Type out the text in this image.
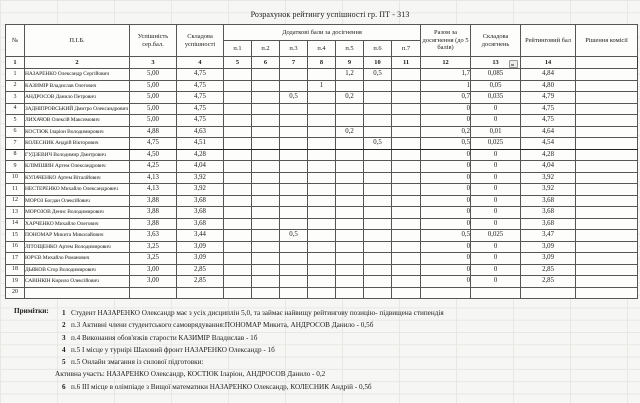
Розрахунок рейтингу успішності гр. ПТ - 313
№	П.І.Б.	Успішність сер.бал.	Складова успішності	Додаткові бали за досігнення							Разом за досягнення (до 5 балів)	Складова досягнень	Рейтинговий бал	Рішення комісії
				п.1	п.2	п.3	п.4	п.5	п.6	п.7				
1	2	3	4	5	6	7	8	9	10	11	12	13	14	
1	НАЗАРЕНКО Олександр Сергійович	5,00	4,75					1,2	0,5		1,7	0,085	4,84	
2	КАЗИМІР Владислав Олегович	5,00	4,75				1				1	0,05	4,80	
3	АНДРОСОВ Данило Петрович	5,00	4,75			0,5		0,2			0,7	0,035	4,79	
4	ЗАДНІПРОВСЬКИЙ Дмитро Олександрович	5,00	4,75								0	0	4,75	
5	ЛИХАЧОВ Олексій Максимович	5,00	4,75								0	0	4,75	
6	КОСТЮК Іларіон Володимирович	4,88	4,63					0,2			0,2	0,01	4,64	
7	КОЛЕСНИК Андрій Вікторович	4,75	4,51						0,5		0,5	0,025	4,54	
8	ГУДЗЕВИЧ Володимир Дмитрович	4,50	4,28								0	0	4,28	
9	КЛІМІШИН Артем Олександрович	4,25	4,04								0	0	4,04	
10	КУЛАЧЕНКО Артем Віталійович	4,13	3,92								0	0	3,92	
11	НЕСТЕРЕНКО Михайло Олександрович	4,13	3,92								0	0	3,92	
12	МОРОЗ Богдан Олексійович	3,88	3,68								0	0	3,68	
13	МОРОЗОВ Денис Володимирович	3,88	3,68								0	0	3,68	
14	ХАРЧЕНКО Михайло Олегович	3,88	3,68								0	0	3,68	
15	ПОНОМАР Микита Миколайович	3,63	3,44			0,5					0,5	0,025	3,47	
16	ЛІТОЩЕНКО Артем Володимирович	3,25	3,09								0	0	3,09	
17	ЮР'ЄВ Михайло Романович	3,25	3,09								0	0	3,09	
18	ДЬЯКОВ Єгор Володимирович	3,00	2,85								0	0	2,85	
19	САВІНКІН Кирило Олексійович	3,00	2,85								0	0	2,85	
20														
Примітки: 1 Студент НАЗАРЕНКО Олександр має з усіх дисциплін 5,0, та займає найвищу рейтингову позицію- підвищена стипендія
2 п.3 Активні члени студентського самоврядування:ПОНОМАР Микита, АНДРОСОВ Данило - 0,5б
3 п.4 Виконання обов'язків старости КАЗИМІР Владислав - 1б
4 п.5 І місце у турнірі Шаховий фронт НАЗАРЕНКО Олександр - 1б
5 п.5 Онлайн змагання із силової підготовки:
Активна участь: НАЗАРЕНКО Олександр, КОСТЮК Іларіон, АНДРОСОВ Данило - 0,2
6 п.6 ІІІ місце в олімпіаде з Вищої математики НАЗАРЕНКО Олександр, КОЛЕСНИК Андрій - 0,5б
